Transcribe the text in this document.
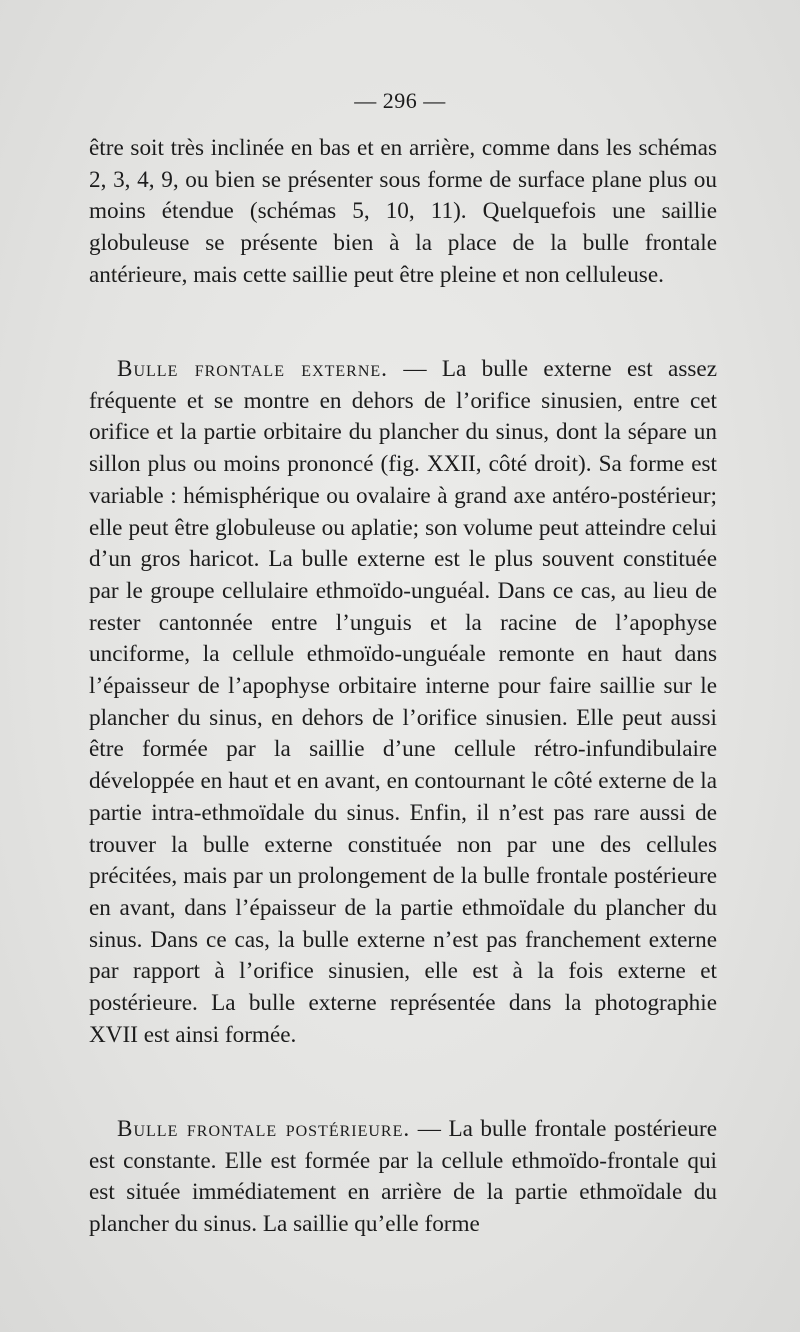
— 296 —

être soit très inclinée en bas et en arrière, comme dans les schémas 2, 3, 4, 9, ou bien se présenter sous forme de surface plane plus ou moins étendue (schémas 5, 10, 11). Quelquefois une saillie globuleuse se présente bien à la place de la bulle frontale antérieure, mais cette saillie peut être pleine et non celluleuse.

Bulle frontale externe. — La bulle externe est assez fréquente et se montre en dehors de l’orifice sinusien, entre cet orifice et la partie orbitaire du plancher du sinus, dont la sépare un sillon plus ou moins prononcé (fig. XXII, côté droit). Sa forme est variable : hémisphérique ou ovalaire à grand axe antéro-postérieur; elle peut être globuleuse ou aplatie; son volume peut atteindre celui d’un gros haricot. La bulle externe est le plus souvent constituée par le groupe cellulaire ethmoïdo-unguéal. Dans ce cas, au lieu de rester cantonnée entre l’unguis et la racine de l’apophyse unciforme, la cellule ethmoïdo-unguéale remonte en haut dans l’épaisseur de l’apophyse orbitaire interne pour faire saillie sur le plancher du sinus, en dehors de l’orifice sinusien. Elle peut aussi être formée par la saillie d’une cellule rétro-infundibulaire développée en haut et en avant, en contournant le côté externe de la partie intra-ethmoïdale du sinus. Enfin, il n’est pas rare aussi de trouver la bulle externe constituée non par une des cellules précitées, mais par un prolongement de la bulle frontale postérieure en avant, dans l’épaisseur de la partie ethmoïdale du plancher du sinus. Dans ce cas, la bulle externe n’est pas franchement externe par rapport à l’orifice sinusien, elle est à la fois externe et postérieure. La bulle externe représentée dans la photographie XVII est ainsi formée.

Bulle frontale postérieure. — La bulle frontale postérieure est constante. Elle est formée par la cellule ethmoïdo-frontale qui est située immédiatement en arrière de la partie ethmoïdale du plancher du sinus. La saillie qu’elle forme
